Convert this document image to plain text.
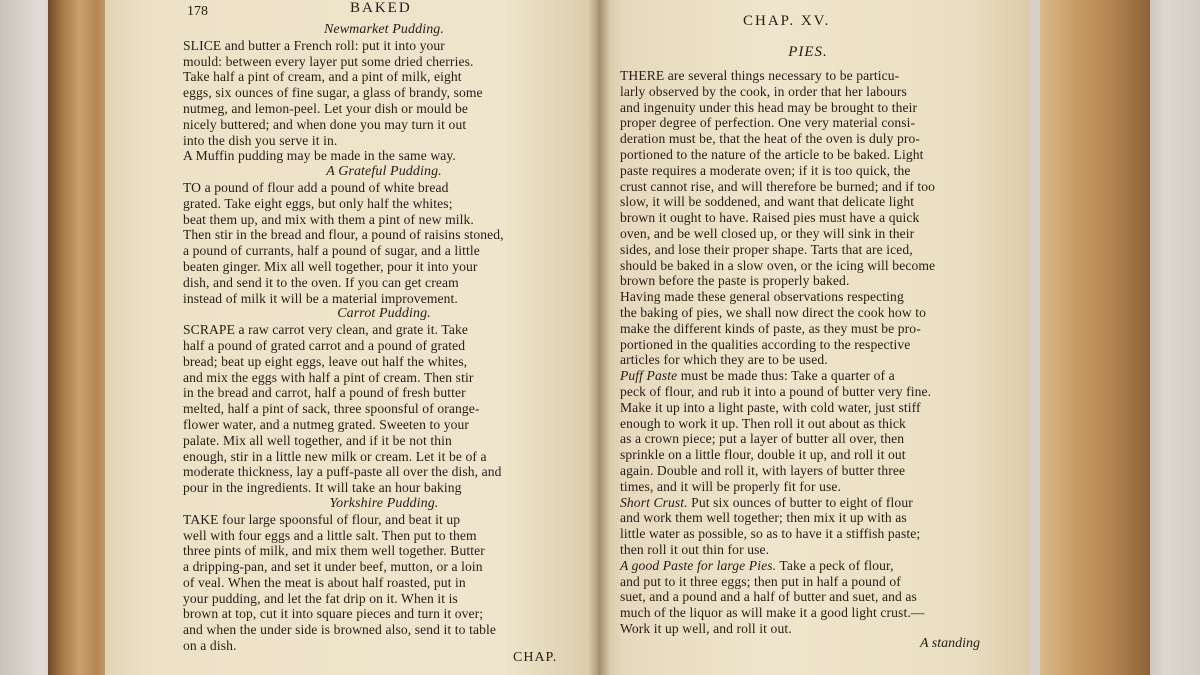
178	BAKED
Newmarket Pudding.
SLICE and butter a French roll: put it into your
mould: between every layer put some dried cherries.
Take half a pint of cream, and a pint of milk, eight
eggs, six ounces of fine sugar, a glass of brandy, some
nutmeg, and lemon-peel. Let your dish or mould be
nicely buttered; and when done you may turn it out
into the dish you serve it in.
A Muffin pudding may be made in the same way.
A Grateful Pudding.
TO a pound of flour add a pound of white bread
grated. Take eight eggs, but only half the whites;
beat them up, and mix with them a pint of new milk.
Then stir in the bread and flour, a pound of raisins stoned,
a pound of currants, half a pound of sugar, and a little
beaten ginger. Mix all well together, pour it into your
dish, and send it to the oven. If you can get cream
instead of milk it will be a material improvement.
Carrot Pudding.
SCRAPE a raw carrot very clean, and grate it. Take
half a pound of grated carrot and a pound of grated
bread; beat up eight eggs, leave out half the whites,
and mix the eggs with half a pint of cream. Then stir
in the bread and carrot, half a pound of fresh butter
melted, half a pint of sack, three spoonsful of orange-
flower water, and a nutmeg grated. Sweeten to your
palate. Mix all well together, and if it be not thin
enough, stir in a little new milk or cream. Let it be of a
moderate thickness, lay a puff-paste all over the dish, and
pour in the ingredients. It will take an hour baking
Yorkshire Pudding.
TAKE four large spoonsful of flour, and beat it up
well with four eggs and a little salt. Then put to them
three pints of milk, and mix them well together. Butter
a dripping-pan, and set it under beef, mutton, or a loin
of veal. When the meat is about half roasted, put in
your pudding, and let the fat drip on it. When it is
brown at top, cut it into square pieces and turn it over;
and when the under side is browned also, send it to table
on a dish.
CHAP.
CHAP. XV.
PIES.
THERE are several things necessary to be particu-
larly observed by the cook, in order that her labours
and ingenuity under this head may be brought to their
proper degree of perfection. One very material consi-
deration must be, that the heat of the oven is duly pro-
portioned to the nature of the article to be baked. Light
paste requires a moderate oven; if it is too quick, the
crust cannot rise, and will therefore be burned; and if too
slow, it will be soddened, and want that delicate light
brown it ought to have. Raised pies must have a quick
oven, and be well closed up, or they will sink in their
sides, and lose their proper shape. Tarts that are iced,
should be baked in a slow oven, or the icing will become
brown before the paste is properly baked.
Having made these general observations respecting
the baking of pies, we shall now direct the cook how to
make the different kinds of paste, as they must be pro-
portioned in the qualities according to the respective
articles for which they are to be used.
Puff Paste must be made thus: Take a quarter of a
peck of flour, and rub it into a pound of butter very fine.
Make it up into a light paste, with cold water, just stiff
enough to work it up. Then roll it out about as thick
as a crown piece; put a layer of butter all over, then
sprinkle on a little flour, double it up, and roll it out
again. Double and roll it, with layers of butter three
times, and it will be properly fit for use.
Short Crust. Put six ounces of butter to eight of flour
and work them well together; then mix it up with as
little water as possible, so as to have it a stiffish paste;
then roll it out thin for use.
A good Paste for large Pies. Take a peck of flour,
and put to it three eggs; then put in half a pound of
suet, and a pound and a half of butter and suet, and as
much of the liquor as will make it a good light crust.—
Work it up well, and roll it out.
A standing
